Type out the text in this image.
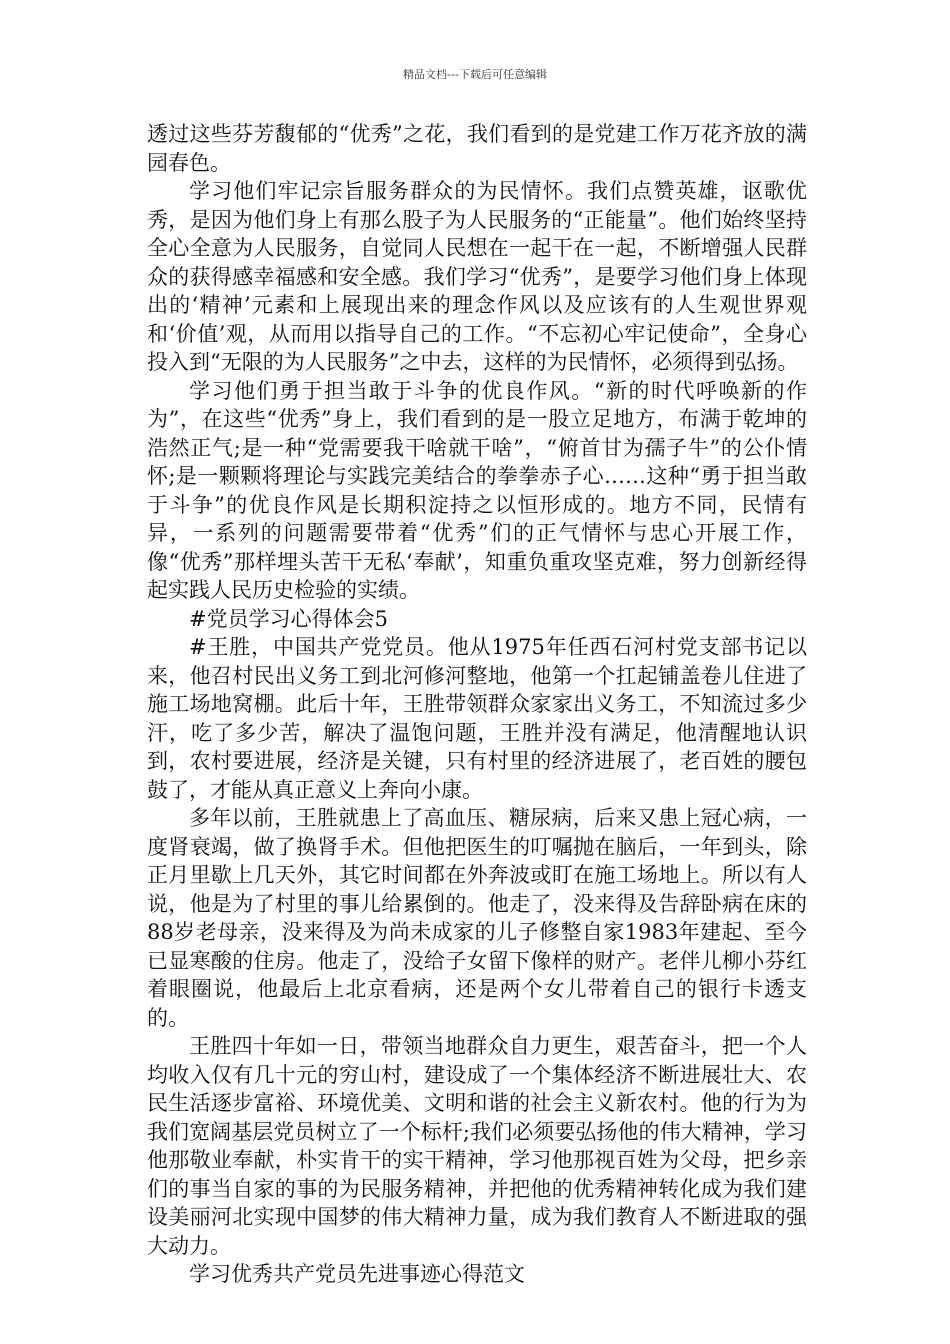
精品文档---下载后可任意编辑

透过这些芬芳馥郁的“优秀”之花，我们看到的是党建工作万花齐放的满园春色。

学习他们牢记宗旨服务群众的为民情怀。我们点赞英雄，讴歌优秀，是因为他们身上有那么股子为人民服务的“正能量”。他们始终坚持全心全意为人民服务，自觉同人民想在一起干在一起，不断增强人民群众的获得感幸福感和安全感。我们学习“优秀”，是要学习他们身上体现出的‘精神’元素和上展现出来的理念作风以及应该有的人生观世界观和‘价值’观，从而用以指导自己的工作。“不忘初心牢记使命”，全身心投入到“无限的为人民服务”之中去，这样的为民情怀，必须得到弘扬。

学习他们勇于担当敢于斗争的优良作风。“新的时代呼唤新的作为”，在这些“优秀”身上，我们看到的是一股立足地方，布满于乾坤的浩然正气;是一种“党需要我干啥就干啥”，“俯首甘为孺子牛”的公仆情怀;是一颗颗将理论与实践完美结合的拳拳赤子心……这种“勇于担当敢于斗争”的优良作风是长期积淀持之以恒形成的。地方不同，民情有异，一系列的问题需要带着“优秀”们的正气情怀与忠心开展工作，像“优秀”那样埋头苦干无私‘奉献’，知重负重攻坚克难，努力创新经得起实践人民历史检验的实绩。

#党员学习心得体会5

#王胜，中国共产党党员。他从1975年任西石河村党支部书记以来，他召村民出义务工到北河修河整地，他第一个扛起铺盖卷儿住进了施工场地窝棚。此后十年，王胜带领群众家家出义务工，不知流过多少汗，吃了多少苦，解决了温饱问题，王胜并没有满足，他清醒地认识到，农村要进展，经济是关键，只有村里的经济进展了，老百姓的腰包鼓了，才能从真正意义上奔向小康。

多年以前，王胜就患上了高血压、糖尿病，后来又患上冠心病，一度肾衰竭，做了换肾手术。但他把医生的叮嘱抛在脑后，一年到头，除正月里歇上几天外，其它时间都在外奔波或盯在施工场地上。所以有人说，他是为了村里的事儿给累倒的。他走了，没来得及告辞卧病在床的88岁老母亲，没来得及为尚未成家的儿子修整自家1983年建起、至今已显寒酸的住房。他走了，没给子女留下像样的财产。老伴儿柳小芬红着眼圈说，他最后上北京看病，还是两个女儿带着自己的银行卡透支的。

王胜四十年如一日，带领当地群众自力更生，艰苦奋斗，把一个人均收入仅有几十元的穷山村，建设成了一个集体经济不断进展壮大、农民生活逐步富裕、环境优美、文明和谐的社会主义新农村。他的行为为我们宽阔基层党员树立了一个标杆;我们必须要弘扬他的伟大精神，学习他那敬业奉献，朴实肯干的实干精神，学习他那视百姓为父母，把乡亲们的事当自家的事的为民服务精神，并把他的优秀精神转化成为我们建设美丽河北实现中国梦的伟大精神力量，成为我们教育人不断进取的强大动力。

学习优秀共产党员先进事迹心得范文
